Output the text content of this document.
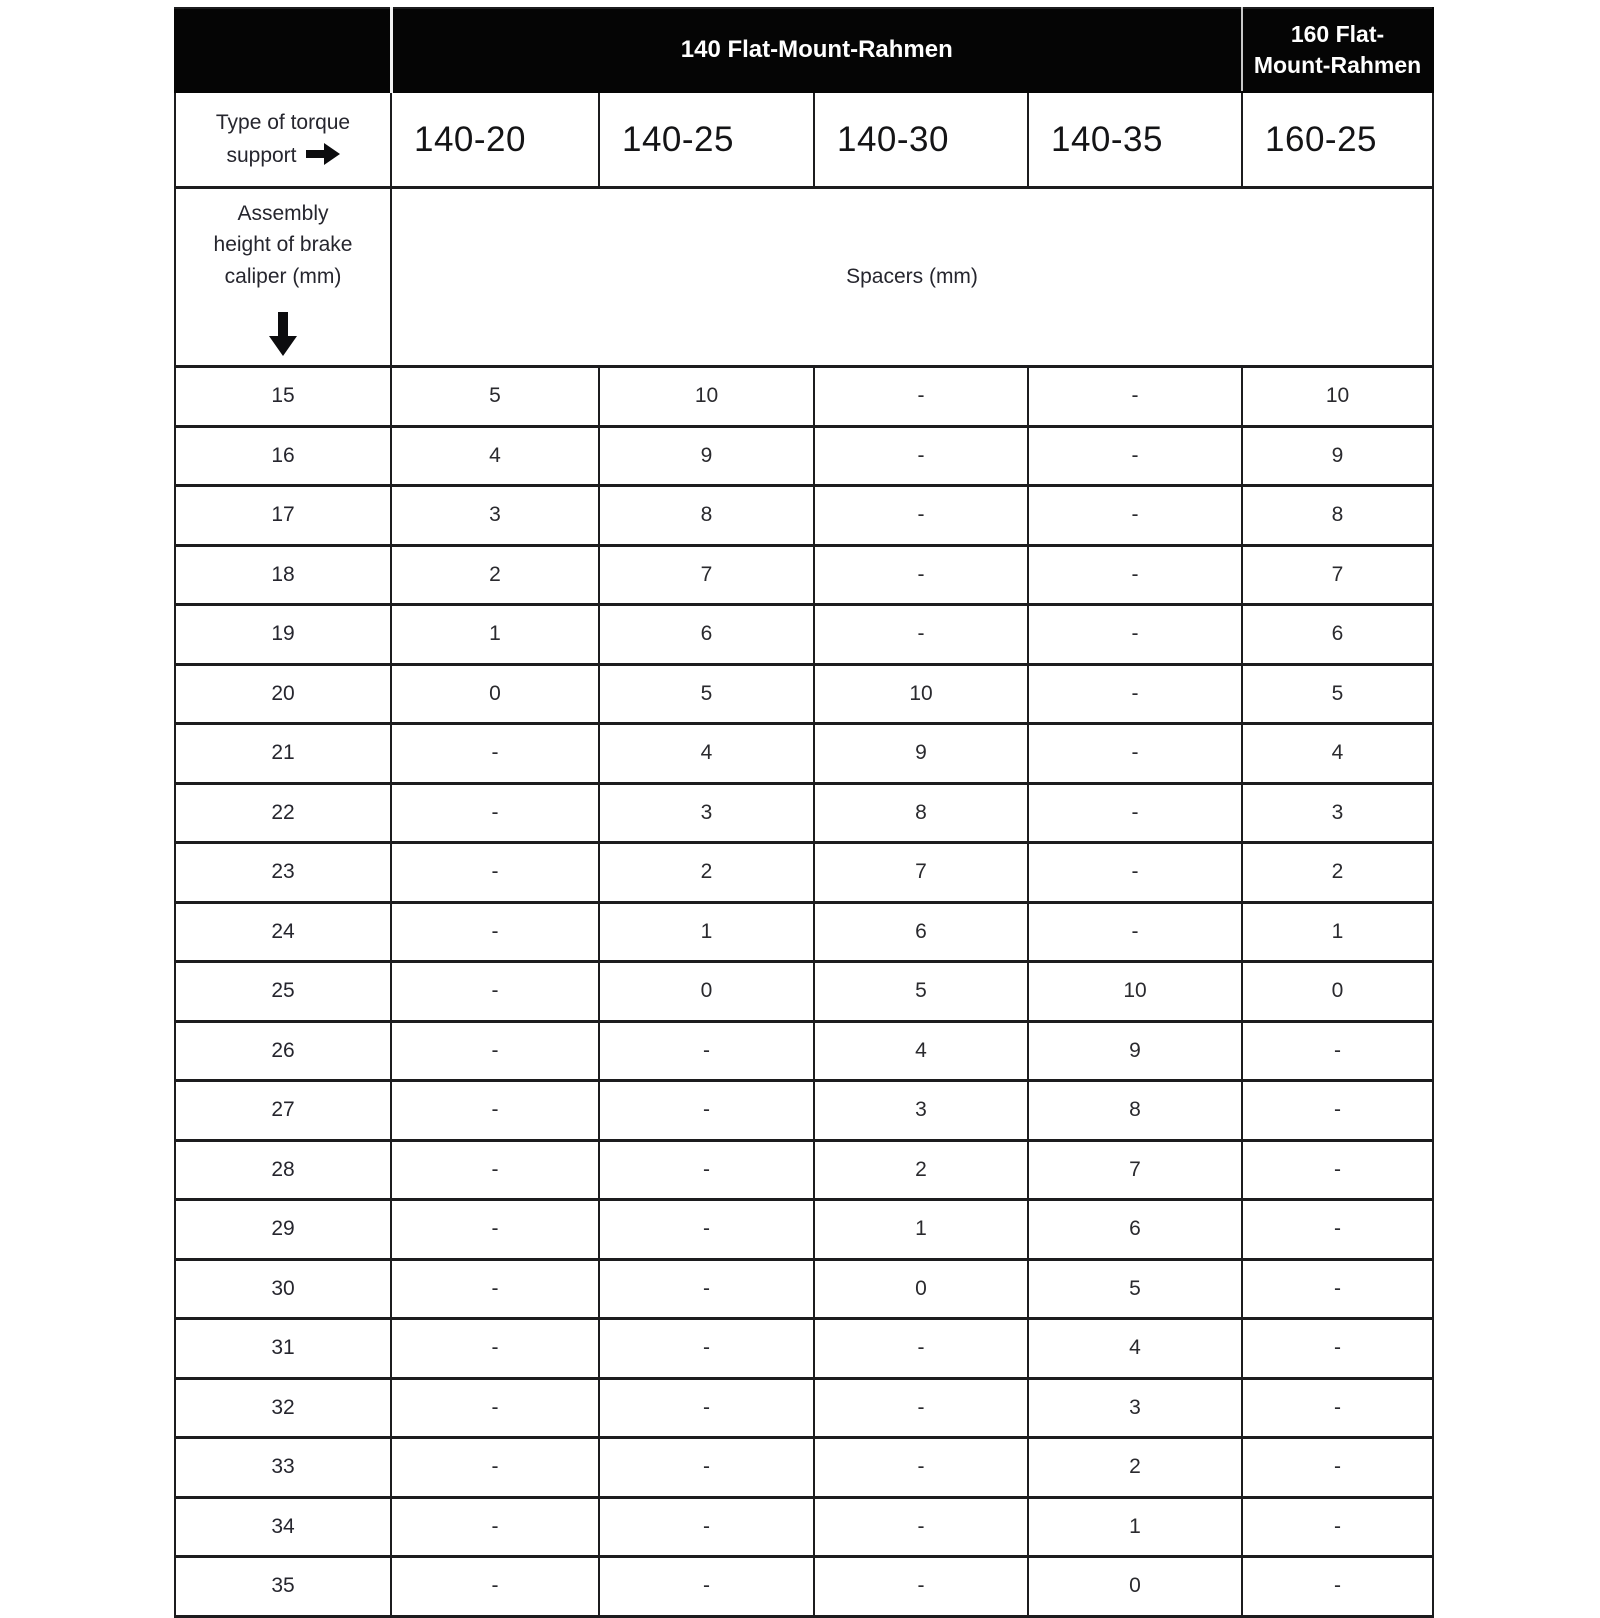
	140 Flat-Mount-Rahmen				160 Flat-Mount-Rahmen
Type of torque
support	140-20	140-25	140-30	140-35	160-25
Assembly
height of brake
caliper (mm)	Spacers (mm)				
15	5	10	-	-	10
16	4	9	-	-	9
17	3	8	-	-	8
18	2	7	-	-	7
19	1	6	-	-	6
20	0	5	10	-	5
21	-	4	9	-	4
22	-	3	8	-	3
23	-	2	7	-	2
24	-	1	6	-	1
25	-	0	5	10	0
26	-	-	4	9	-
27	-	-	3	8	-
28	-	-	2	7	-
29	-	-	1	6	-
30	-	-	0	5	-
31	-	-	-	4	-
32	-	-	-	3	-
33	-	-	-	2	-
34	-	-	-	1	-
35	-	-	-	0	-
